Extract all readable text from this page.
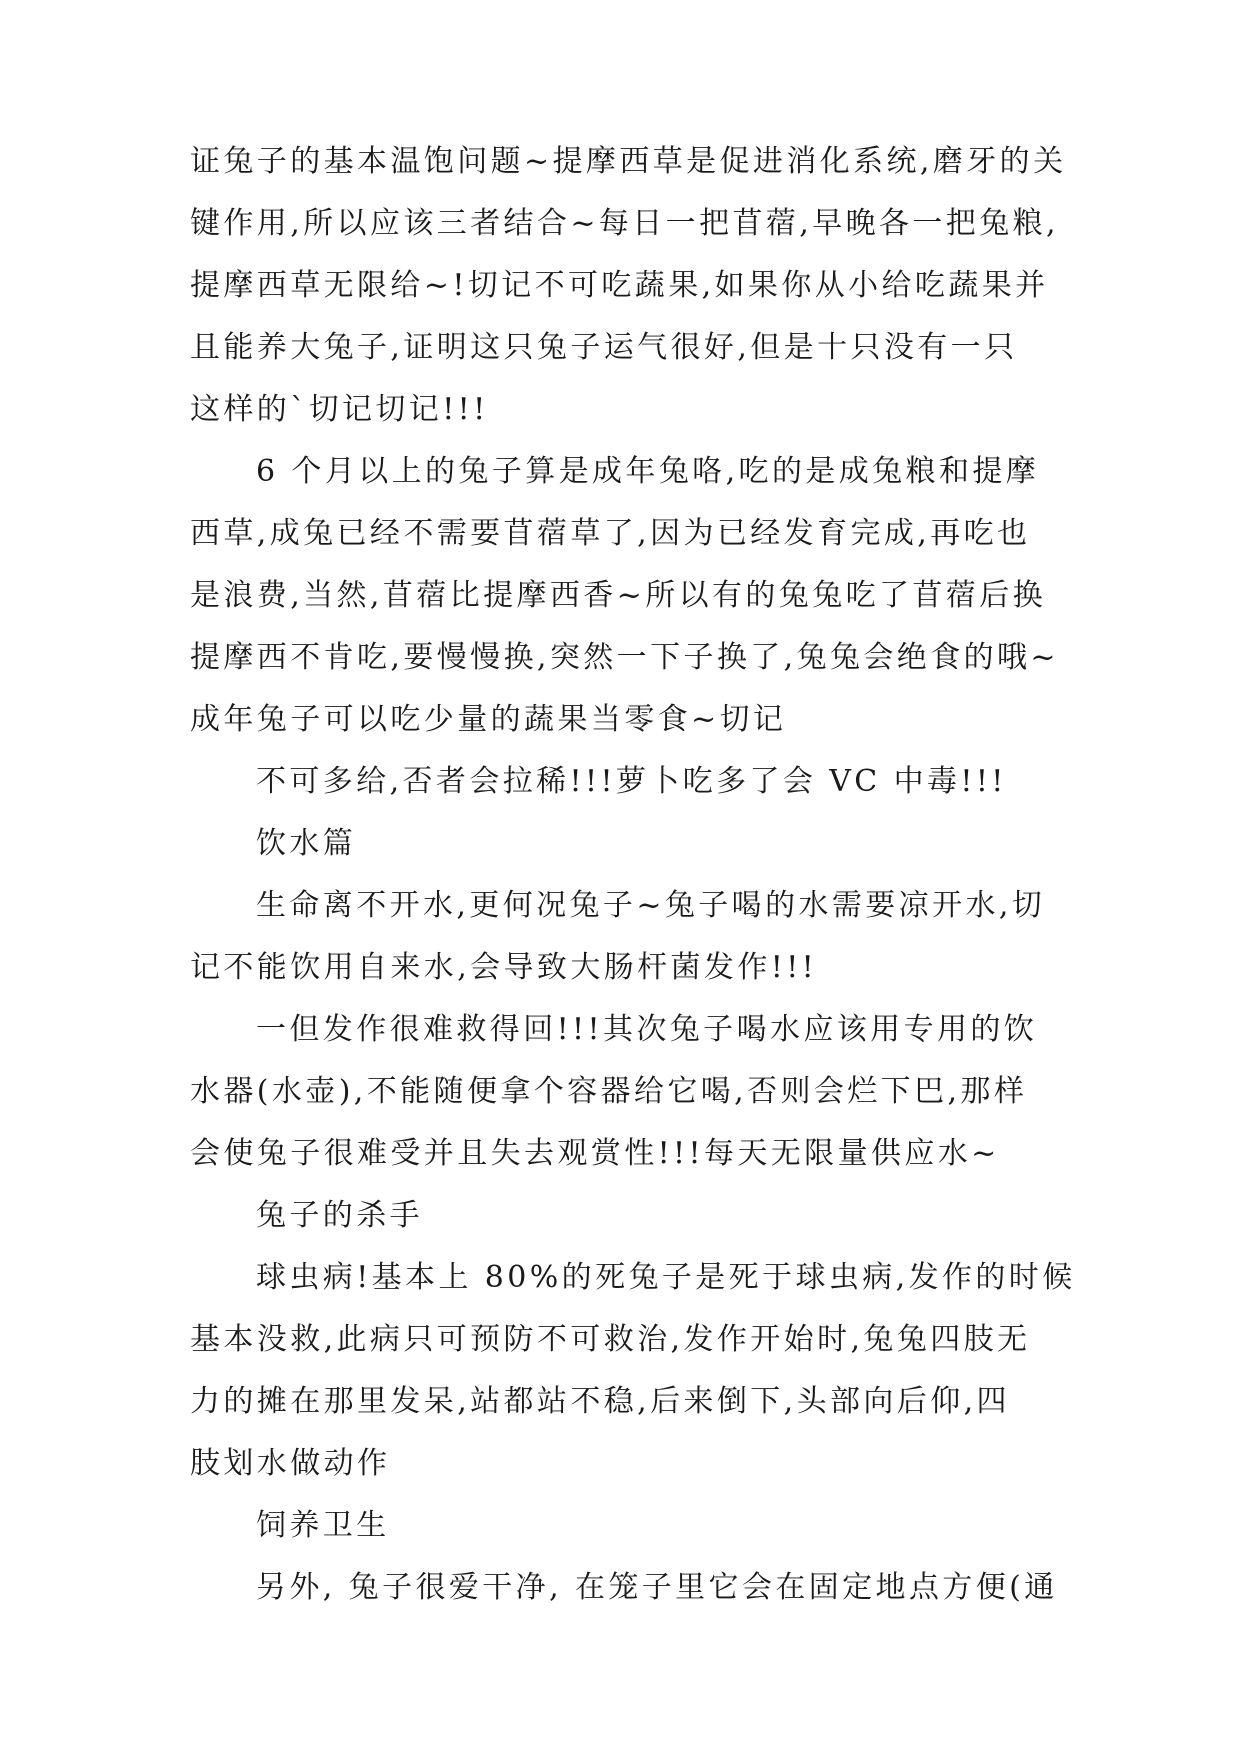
证兔子的基本温饱问题~提摩西草是促进消化系统,磨牙的关
键作用,所以应该三者结合~每日一把苜蓿,早晚各一把兔粮,
提摩西草无限给~!切记不可吃蔬果,如果你从小给吃蔬果并
且能养大兔子,证明这只兔子运气很好,但是十只没有一只
这样的`切记切记!!!
6 个月以上的兔子算是成年兔咯,吃的是成兔粮和提摩
西草,成兔已经不需要苜蓿草了,因为已经发育完成,再吃也
是浪费,当然,苜蓿比提摩西香~所以有的兔兔吃了苜蓿后换
提摩西不肯吃,要慢慢换,突然一下子换了,兔兔会绝食的哦~
成年兔子可以吃少量的蔬果当零食~切记
不可多给,否者会拉稀!!!萝卜吃多了会 VC 中毒!!!
饮水篇
生命离不开水,更何况兔子~兔子喝的水需要凉开水,切
记不能饮用自来水,会导致大肠杆菌发作!!!
一但发作很难救得回!!!其次兔子喝水应该用专用的饮
水器(水壶),不能随便拿个容器给它喝,否则会烂下巴,那样
会使兔子很难受并且失去观赏性!!!每天无限量供应水~
兔子的杀手
球虫病!基本上 80%的死兔子是死于球虫病,发作的时候
基本没救,此病只可预防不可救治,发作开始时,兔兔四肢无
力的摊在那里发呆,站都站不稳,后来倒下,头部向后仰,四
肢划水做动作
饲养卫生
另外, 兔子很爱干净, 在笼子里它会在固定地点方便(通
